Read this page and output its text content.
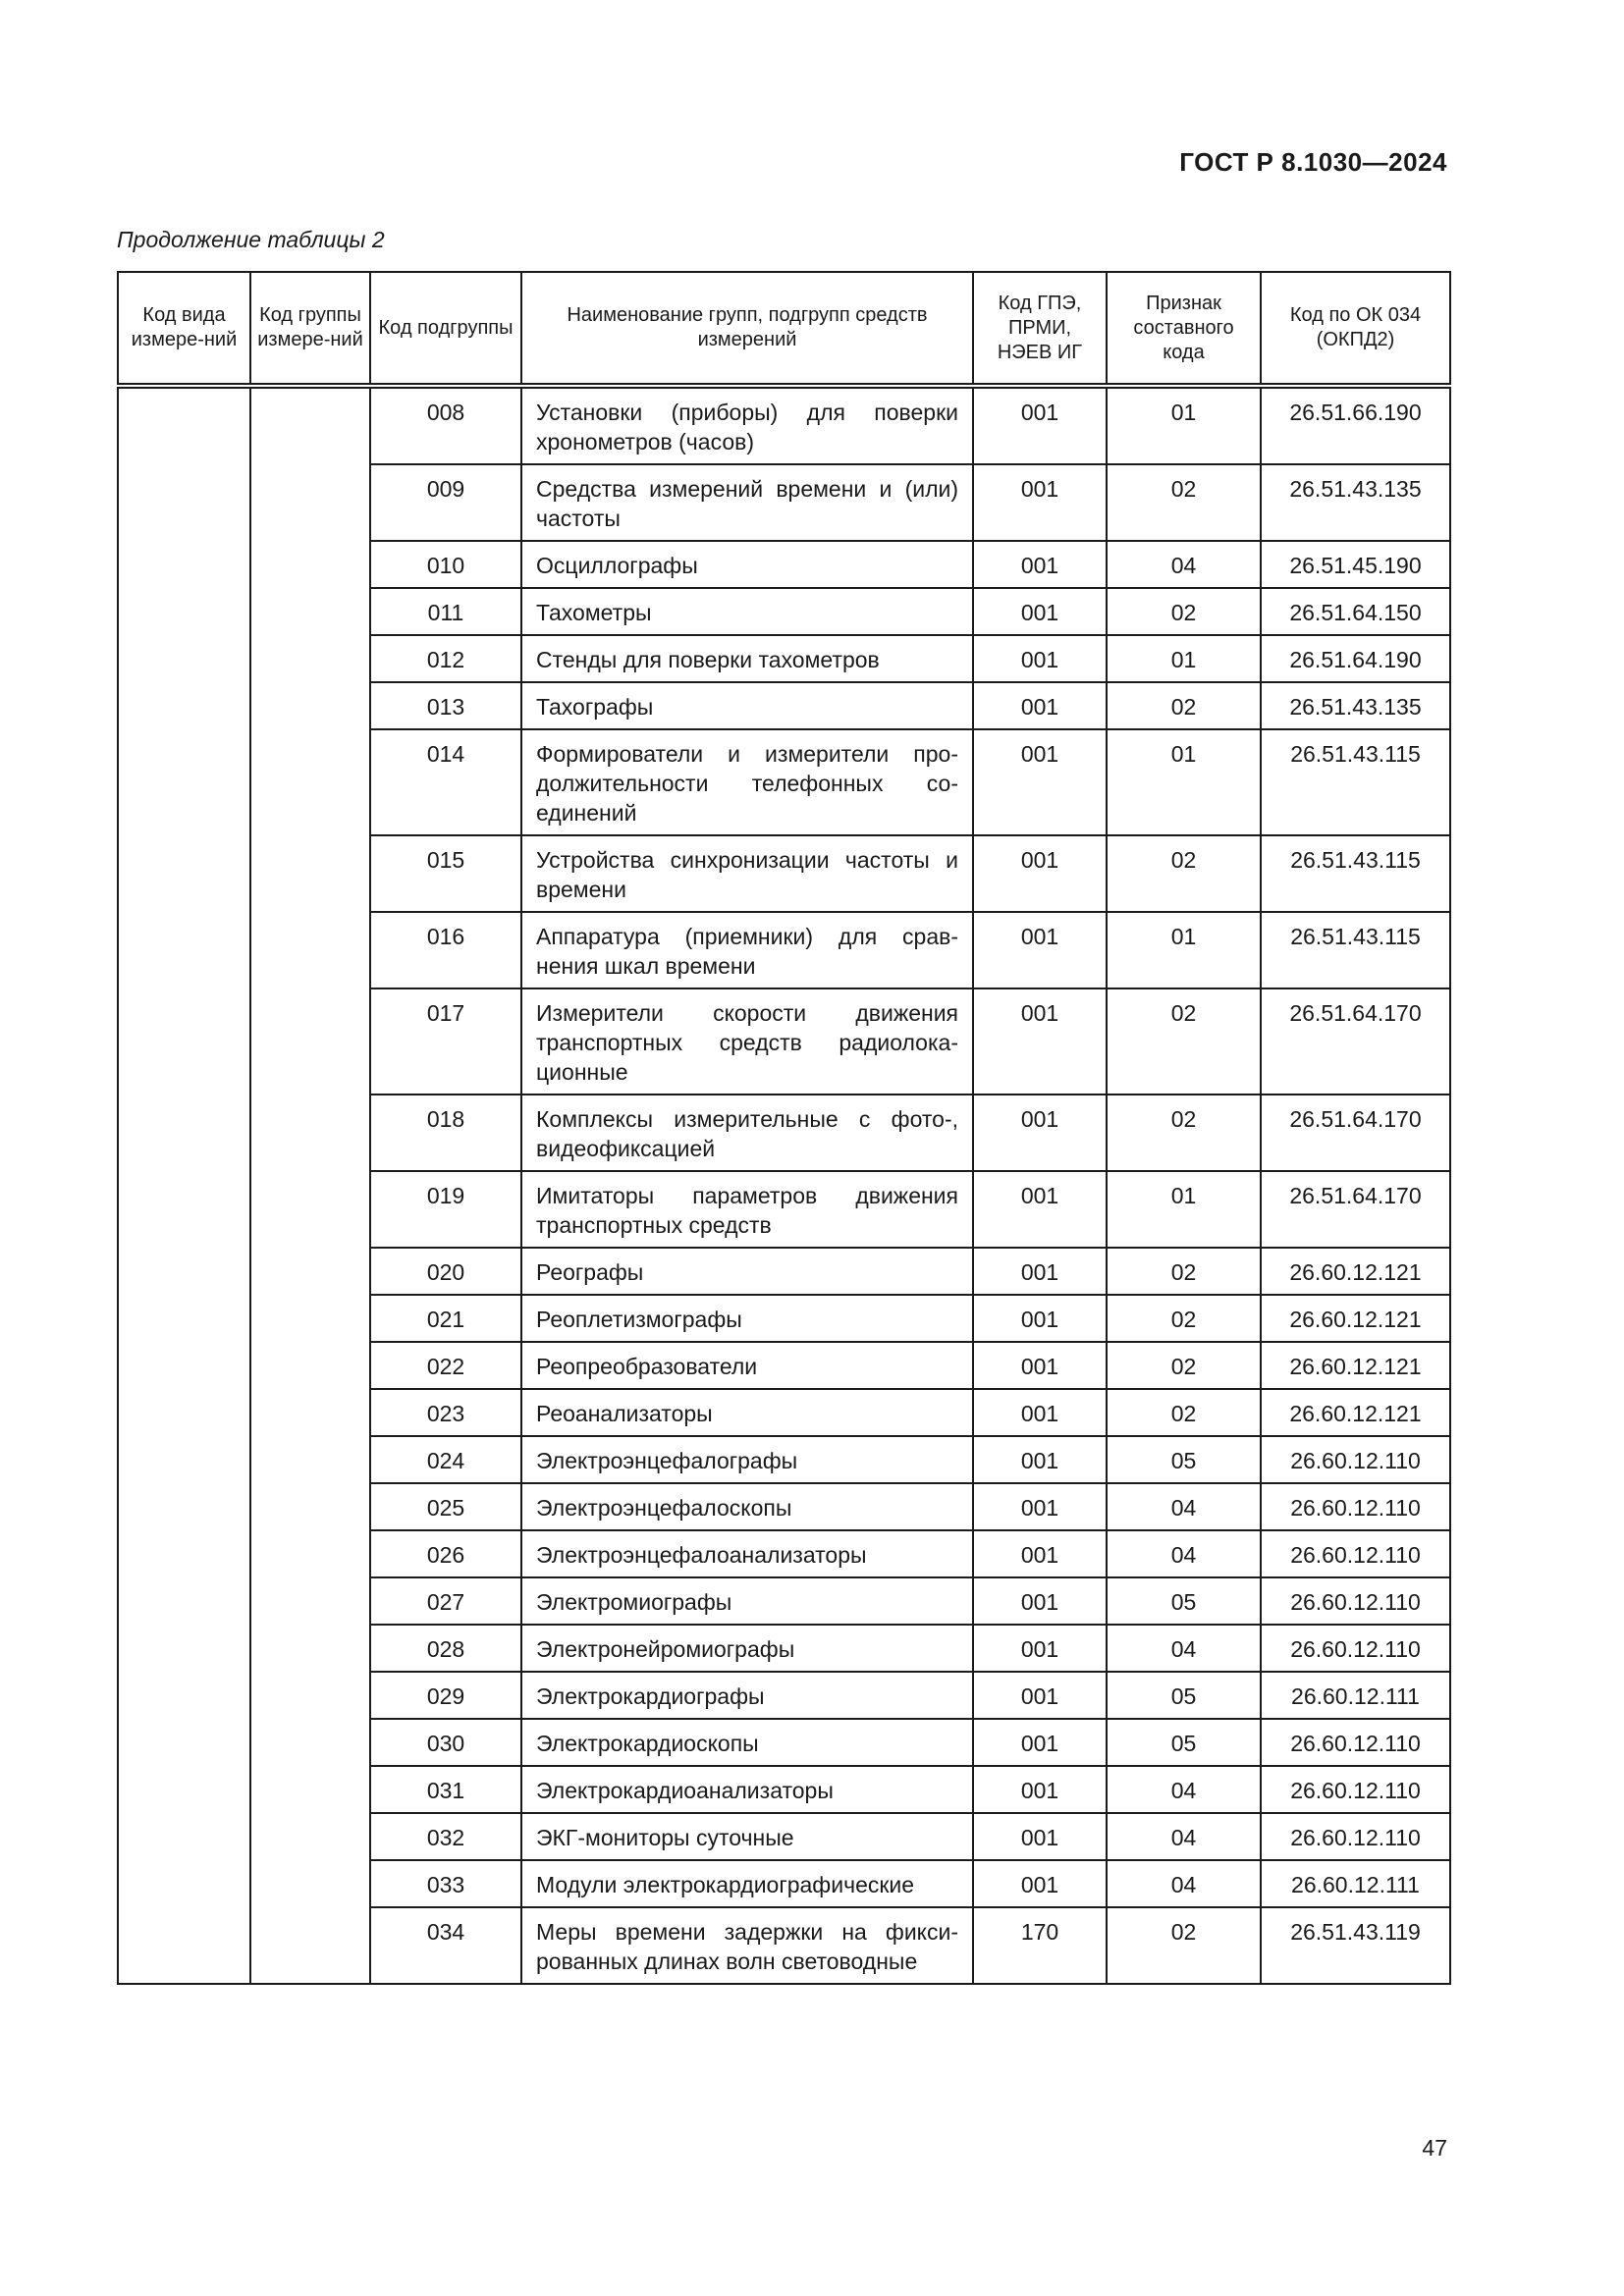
ГОСТ Р 8.1030—2024
Продолжение таблицы 2
Код вида измере-ний	Код группы измере-ний	Код подгруппы	Наименование групп, подгрупп средств измерений	Код ГПЭ, ПРМИ, НЭЕВ ИГ	Признак составного кода	Код по ОК 034 (ОКПД2)
		008	Установки (приборы) для поверки хронометров (часов)	001	01	26.51.66.190
		009	Средства измерений времени и (или) частоты	001	02	26.51.43.135
		010	Осциллографы	001	04	26.51.45.190
		011	Тахометры	001	02	26.51.64.150
		012	Стенды для поверки тахометров	001	01	26.51.64.190
		013	Тахографы	001	02	26.51.43.135
		014	Формирователи и измерители про-должительности телефонных со-единений	001	01	26.51.43.115
		015	Устройства синхронизации частоты и времени	001	02	26.51.43.115
		016	Аппаратура (приемники) для срав-нения шкал времени	001	01	26.51.43.115
		017	Измерители скорости движения транспортных средств радиолока-ционные	001	02	26.51.64.170
		018	Комплексы измерительные с фото-, видеофиксацией	001	02	26.51.64.170
		019	Имитаторы параметров движения транспортных средств	001	01	26.51.64.170
		020	Реографы	001	02	26.60.12.121
		021	Реоплетизмографы	001	02	26.60.12.121
		022	Реопреобразователи	001	02	26.60.12.121
		023	Реоанализаторы	001	02	26.60.12.121
		024	Электроэнцефалографы	001	05	26.60.12.110
		025	Электроэнцефалоскопы	001	04	26.60.12.110
		026	Электроэнцефалоанализаторы	001	04	26.60.12.110
		027	Электромиографы	001	05	26.60.12.110
		028	Электронейромиографы	001	04	26.60.12.110
		029	Электрокардиографы	001	05	26.60.12.111
		030	Электрокардиоскопы	001	05	26.60.12.110
		031	Электрокардиоанализаторы	001	04	26.60.12.110
		032	ЭКГ-мониторы суточные	001	04	26.60.12.110
		033	Модули электрокардиографические	001	04	26.60.12.111
		034	Меры времени задержки на фикси-рованных длинах волн световодные	170	02	26.51.43.119
47
